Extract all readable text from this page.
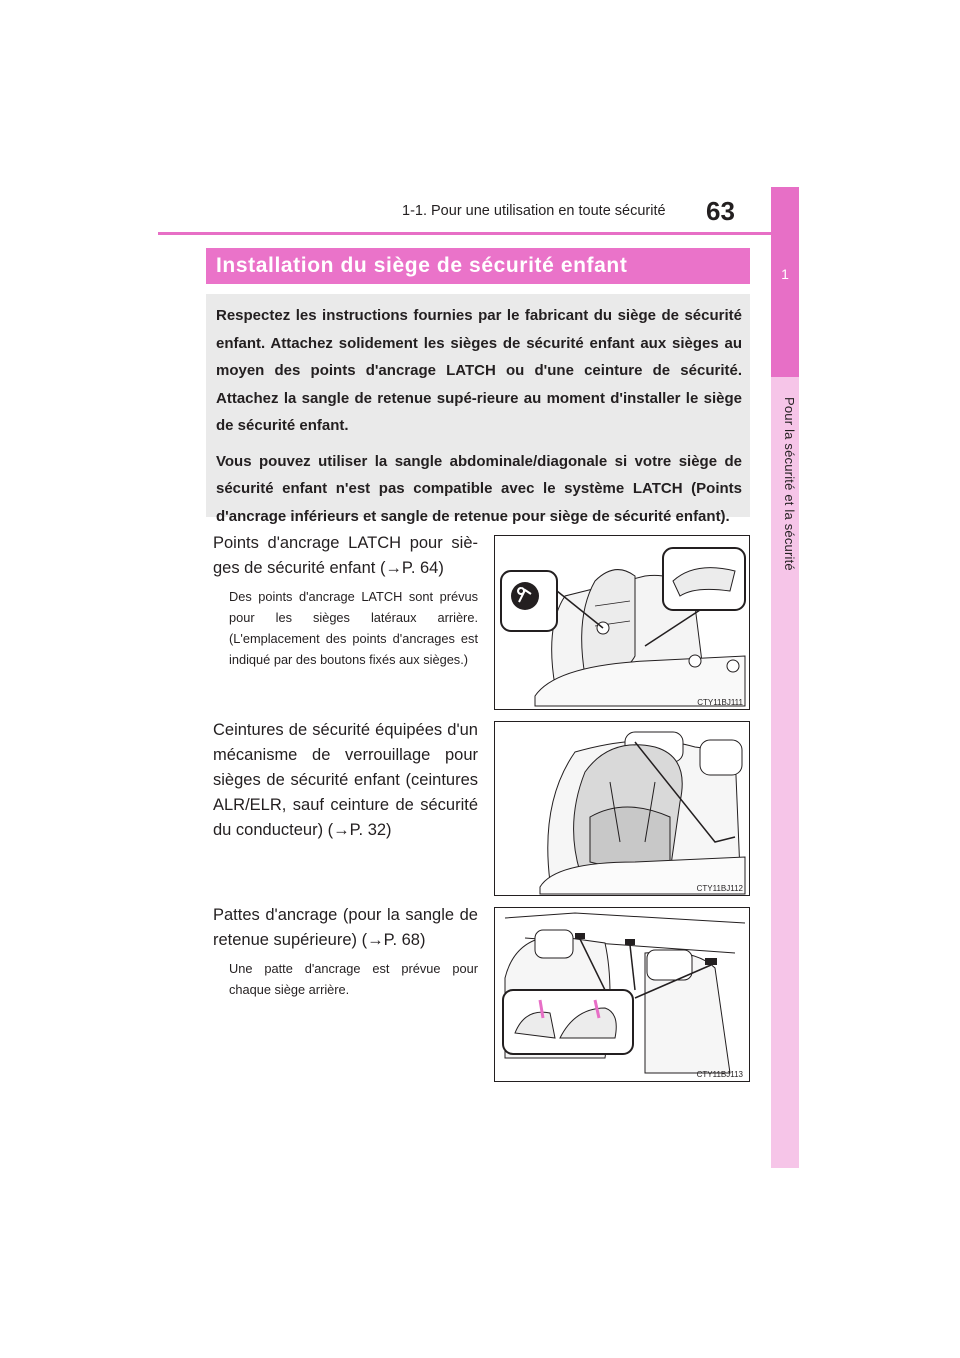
1
Pour la sécurité et la sécurité
1-1. Pour une utilisation en toute sécurité 63
Installation du siège de sécurité enfant

Respectez les instructions fournies par le fabricant du siège de sécurité enfant. Attachez solidement les sièges de sécurité enfant aux sièges au moyen des points d'ancrage LATCH ou d'une ceinture de sécurité. Attachez la sangle de retenue supé-rieure au moment d'installer le siège de sécurité enfant.

Vous pouvez utiliser la sangle abdominale/diagonale si votre siège de sécurité enfant n'est pas compatible avec le système LATCH (Points d'ancrage inférieurs et sangle de retenue pour siège de sécurité enfant).

Points d'ancrage LATCH pour siè-ges de sécurité enfant (→P. 64)

Des points d'ancrage LATCH sont prévus pour les sièges latéraux arrière. (L'emplacement des points d'ancrages est indiqué par des boutons fixés aux sièges.)

CTY11BJ111

Ceintures de sécurité équipées d'un mécanisme de verrouillage pour sièges de sécurité enfant (ceintures ALR/ELR, sauf ceinture de sécurité du conducteur) (→P. 32)

CTY11BJ112

Pattes d'ancrage (pour la sangle de retenue supérieure) (→P. 68)

Une patte d'ancrage est prévue pour chaque siège arrière.

CTY11BJ113
